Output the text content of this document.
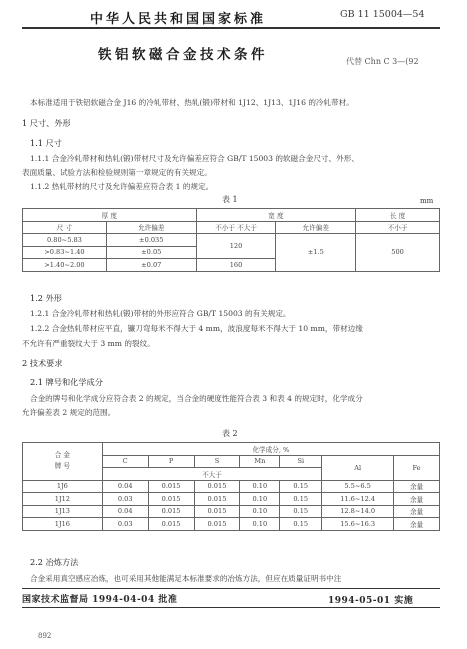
中华人民共和国国家标准	GB 11 15004—54
铁铝软磁合金技术条件	代替 Chn C 3—(92
本标准适用于铁铝软磁合金 J16 的冷轧带材、热轧(锻)带材和 1J12、1J13、1J16 的冷轧带材。
1 尺寸、外形
1.1 尺寸
1.1.1 合金冷轧带材和热轧(锻)带材尺寸及允许偏差应符合 GB/T 15003 的软磁合金尺寸、外形、
表面质量、试验方法和检验规则第一章规定的有关规定。
1.1.2 热轧带材的尺寸及允许偏差应符合表 1 的规定。
表 1	mm
厚 度		宽 度		长 度
尺 寸	允许偏差	不小于 不大于	允许偏差	不小于
0.80~5.83	±0.035	120	±1.5	500
>0.83~1.40	±0.05			
>1.40~2.00	±0.07	160		
1.2 外形
1.2.1 合金冷轧带材和热轧(锻)带材的外形应符合 GB/T 15003 的有关规定。
1.2.2 合金热轧带材应平直，镰刀弯每米不得大于 4 mm，波浪度每米不得大于 10 mm，带材边缘
不允许有严重裂纹大于 3 mm 的裂纹。
2 技术要求
2.1 牌号和化学成分
合金的牌号和化学成分应符合表 2 的规定，当合金的硬度性能符合表 3 和表 4 的规定时，化学成分
允许偏差表 2 规定的范围。
表 2
合 金
牌 号	化学成分, %						
	C	P	S	Mn	Si	Al	Fe
	不大于						
1J6	0.04	0.015	0.015	0.10	0.15	5.5~6.5	余量
1J12	0.03	0.015	0.015	0.10	0.15	11.6~12.4	余量
1J13	0.04	0.015	0.015	0.10	0.15	12.8~14.0	余量
1J16	0.03	0.015	0.015	0.10	0.15	15.6~16.3	余量
2.2 冶炼方法
合金采用真空感应冶炼，也可采用其他能满足本标准要求的冶炼方法，但应在质量证明书中注
国家技术监督局 1994-04-04 批准	1994-05-01 实施
892
